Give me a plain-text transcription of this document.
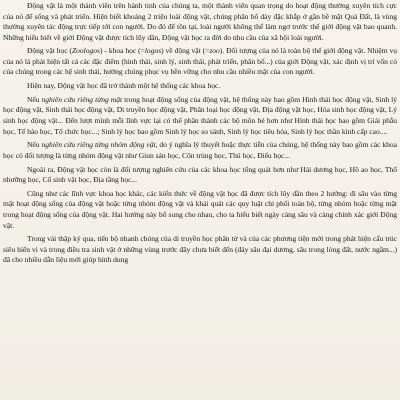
Động vật là một thành viên trên hành tinh của chúng ta, một thành viên quan trọng do hoạt động thường xuyên tích cực của nó để sống và phát triển. Hiện biết khoảng 2 triệu loài động vật, chúng phân bố dày đặc khắp ở gần bề mặt Quả Đất, là vùng thường xuyên tác động trực tiếp tới con người. Do đó để tồn tại, loài người không thể làm ngơ trước thế giới động vật bao quanh. Những hiểu biết về giới Động vật được tích lũy dần, Động vật học ra đời do nhu cầu của xã hội loài người.

Động vật học (Zoologos) - khoa học (=logos) về động vật (=zoo). Đối tượng của nó là toàn bộ thế giới động vật. Nhiệm vụ của nó là phát hiện tất cả các đặc điểm (hình thái, sinh lý, sinh thái, phát triển, phân bố...) của giới Động vật, xác định vị trí vốn có của chúng trong các hệ sinh thái, hướng chúng phục vụ bền vững cho nhu cầu nhiều mặt của con người.

Hiện nay, Động vật học đã trở thành một hệ thống các khoa học.

Nếu nghiên cứu riêng từng mặt trong hoạt động sống của động vật, hệ thống này bao gồm Hình thái học động vật, Sinh lý học động vật, Sinh thái học động vật, Di truyền học động vật, Phân loại học động vật, Địa động vật học, Hóa sinh học động vật, Lý sinh học động vật... Đến lượt mình mỗi lĩnh vực lại có thể phân thành các bộ môn bé hơn như Hình thái học bao gồm Giải phẫu học, Tế bào học, Tổ chức học...; Sinh lý học bao gồm Sinh lý học so sánh, Sinh lý học tiêu hóa, Sinh lý học thần kinh cấp cao....

Nếu nghiên cứu riêng từng nhóm động vật, do ý nghĩa lý thuyết hoặc thực tiễn của chúng, hệ thống này bao gồm các khoa học có đối tượng là từng nhóm động vật như Giun sán học, Côn trùng học, Thú học, Điểu học...

Ngoài ra, Động vật học còn là đối tượng nghiên cứu của các khoa học tổng quát hơn như Hải dương học, Hồ ao học, Thổ nhưỡng học, Cổ sinh vật học, Địa tầng học...

Cũng như các lĩnh vực khoa học khác, các kiến thức về động vật học đã được tích lũy dần theo 2 hướng: đi sâu vào từng mặt hoạt động sống của động vật hoặc từng nhóm động vật và khái quát các quy luật chi phối toàn bộ, từng nhóm hoặc từng mặt trong hoạt động sống của động vật. Hai hướng này bổ sung cho nhau, cho ta hiểu biết ngày càng sâu và càng chính xác giới Động vật.

Trong vài thập kỷ qua, tiến bộ nhanh chóng của di truyền học phân tử và của các phương tiện mới trong phát hiện cấu trúc siêu hiển vi và trong điều tra sinh vật ở những vùng trước đây chưa biết đến (đáy sâu đại dương, sâu trong lòng đất, nước ngầm...) đã cho nhiều dẫn liệu mới giúp hình dung
